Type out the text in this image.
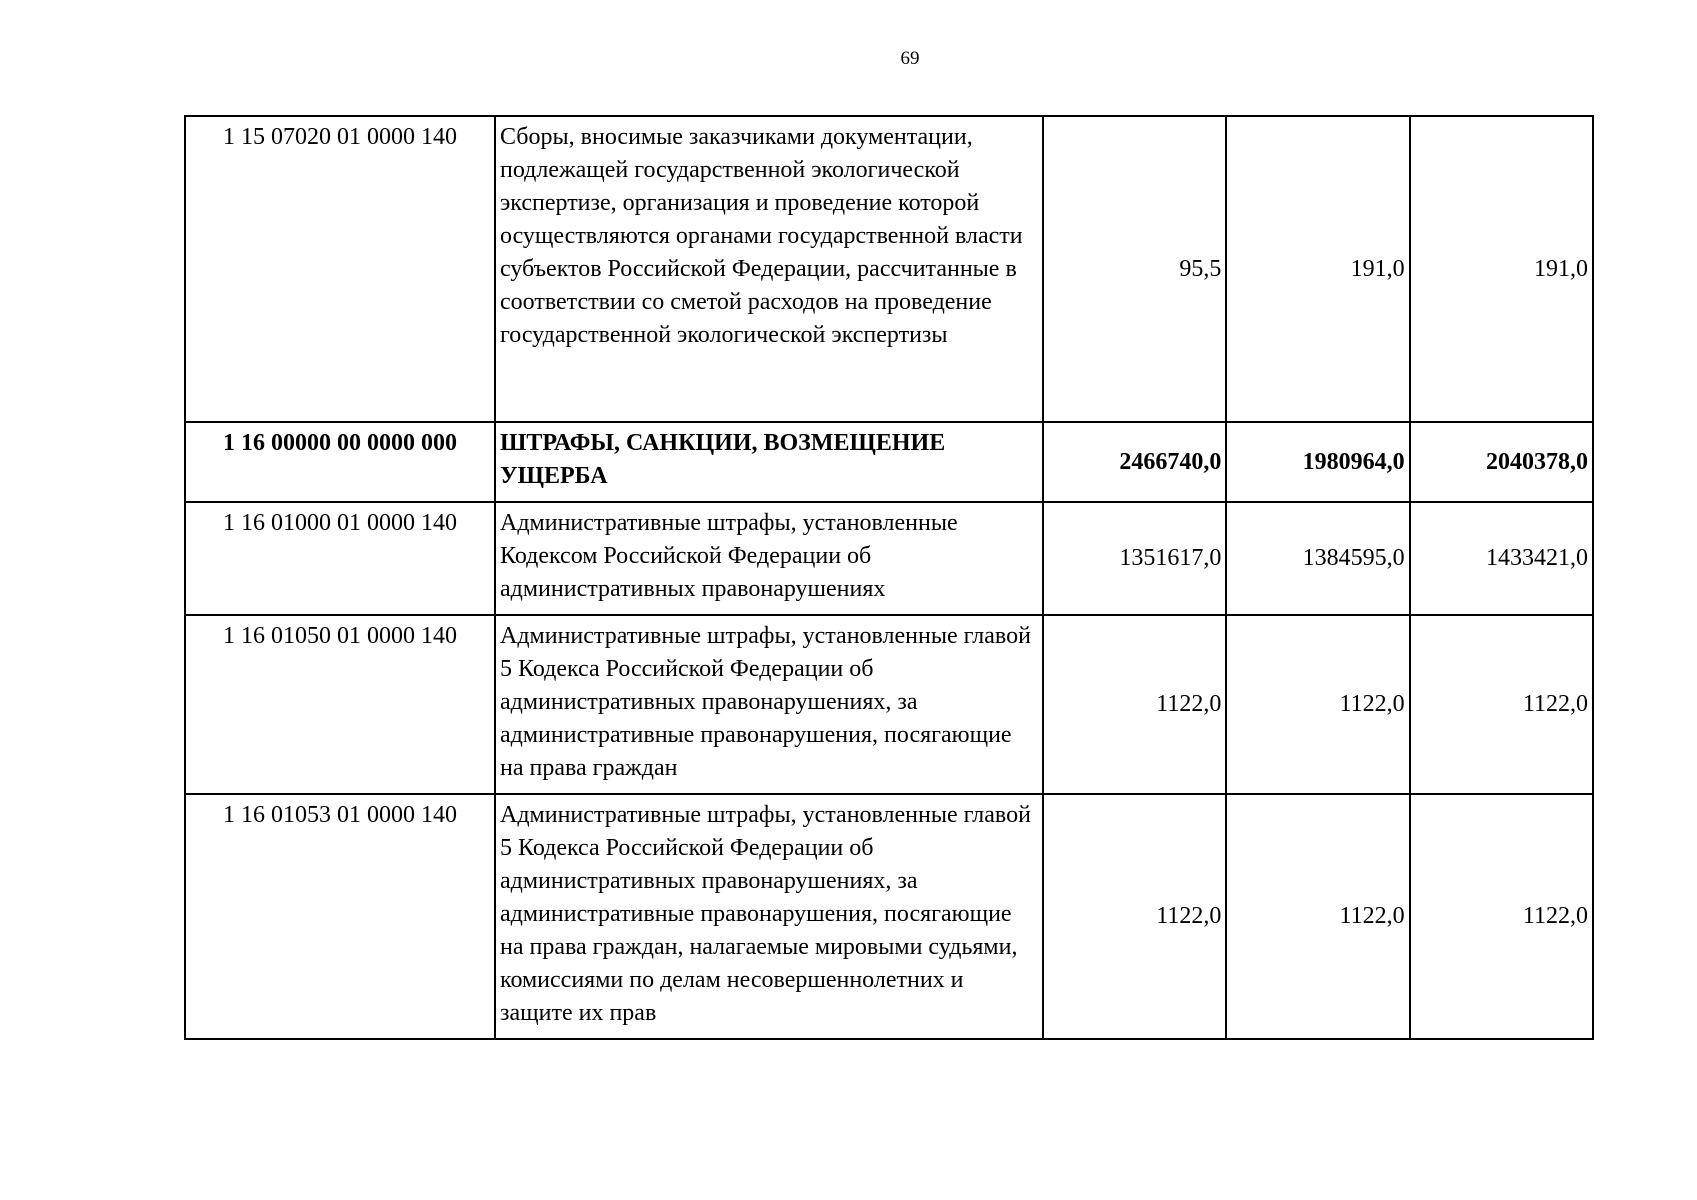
69
1 15 07020 01 0000 140	Сборы, вносимые заказчиками документации, подлежащей государственной экологической экспертизе, организация и проведение которой осуществляются органами государственной власти субъектов Российской Федерации, рассчитанные в соответствии со сметой расходов на проведение государственной экологической экспертизы	95,5	191,0	191,0
1 16 00000 00 0000 000	ШТРАФЫ, САНКЦИИ, ВОЗМЕЩЕНИЕ УЩЕРБА	2466740,0	1980964,0	2040378,0
1 16 01000 01 0000 140	Административные штрафы, установленные Кодексом Российской Федерации об административных правонарушениях	1351617,0	1384595,0	1433421,0
1 16 01050 01 0000 140	Административные штрафы, установленные главой 5 Кодекса Российской Федерации об административных правонарушениях, за административные правонарушения, посягающие на права граждан	1122,0	1122,0	1122,0
1 16 01053 01 0000 140	Административные штрафы, установленные главой 5 Кодекса Российской Федерации об административных правонарушениях, за административные правонарушения, посягающие на права граждан, налагаемые мировыми судьями, комиссиями по делам несовершеннолетних и защите их прав	1122,0	1122,0	1122,0
